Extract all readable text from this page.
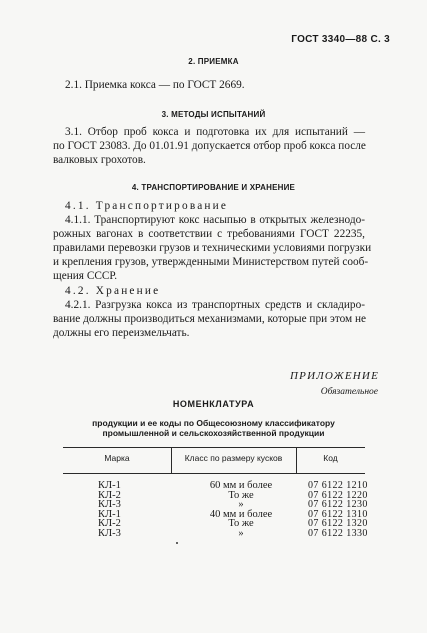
ГОСТ 3340—88 С. 3
2. ПРИЕМКА
2.1. Приемка кокса — по ГОСТ 2669.
3. МЕТОДЫ ИСПЫТАНИЙ
3.1. Отбор проб кокса и подготовка их для испытаний —
по ГОСТ 23083. До 01.01.91 допускается отбор проб кокса после
валковых грохотов.
4. ТРАНСПОРТИРОВАНИЕ И ХРАНЕНИЕ
4.1. Транспортирование
4.1.1. Транспортируют кокс насыпью в открытых железнодо-
рожных вагонах в соответствии с требованиями ГОСТ 22235,
правилами перевозки грузов и техническими условиями погрузки
и крепления грузов, утвержденными Министерством путей сооб-
щения СССР.
4.2. Хранение
4.2.1. Разгрузка кокса из транспортных средств и складиро-
вание должны производиться механизмами, которые при этом не
должны его переизмельчать.
ПРИЛОЖЕНИЕ
Обязательное
НОМЕНКЛАТУРА
продукции и ее коды по Общесоюзному классификатору
промышленной и сельскохозяйственной продукции
Марка	Класс по размеру кусков	Код
КЛ-1	60 мм и более	07 6122 1210
КЛ-2	То же	07 6122 1220
КЛ-3	»	07 6122 1230
КЛ-1	40 мм и более	07 6122 1310
КЛ-2	То же	07 6122 1320
КЛ-3	»	07 6122 1330
